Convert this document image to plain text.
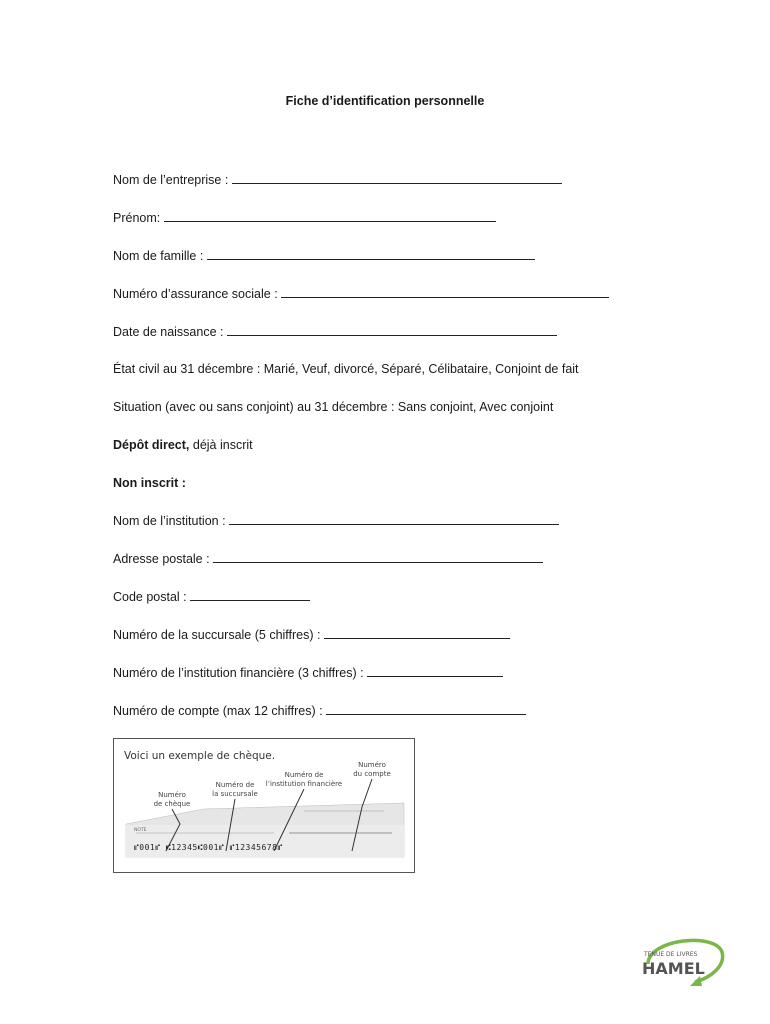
Fiche d’identification personnelle
Nom de l’entreprise :
Prénom:
Nom de famille :
Numéro d’assurance sociale :
Date de naissance :
État civil au 31 décembre : Marié, Veuf, divorcé, Séparé, Célibataire, Conjoint de fait
Situation (avec ou sans conjoint) au 31 décembre : Sans conjoint, Avec conjoint
Dépôt direct, déjà inscrit
Non inscrit :
Nom de l’institution :
Adresse postale :
Code postal :
Numéro de la succursale (5 chiffres) :
Numéro de l’institution financière (3 chiffres) :
Numéro de compte (max 12 chiffres) :
Voici un exemple de chèque.
Numéro
de chèque
Numéro de
la succursale
Numéro de
l’institution financière
Numéro
du compte
NOTE
⑈001⑈ ⑆12345⑆001⑈ ⑈12345678⑈
TENUE DE LIVRES
HAMEL
